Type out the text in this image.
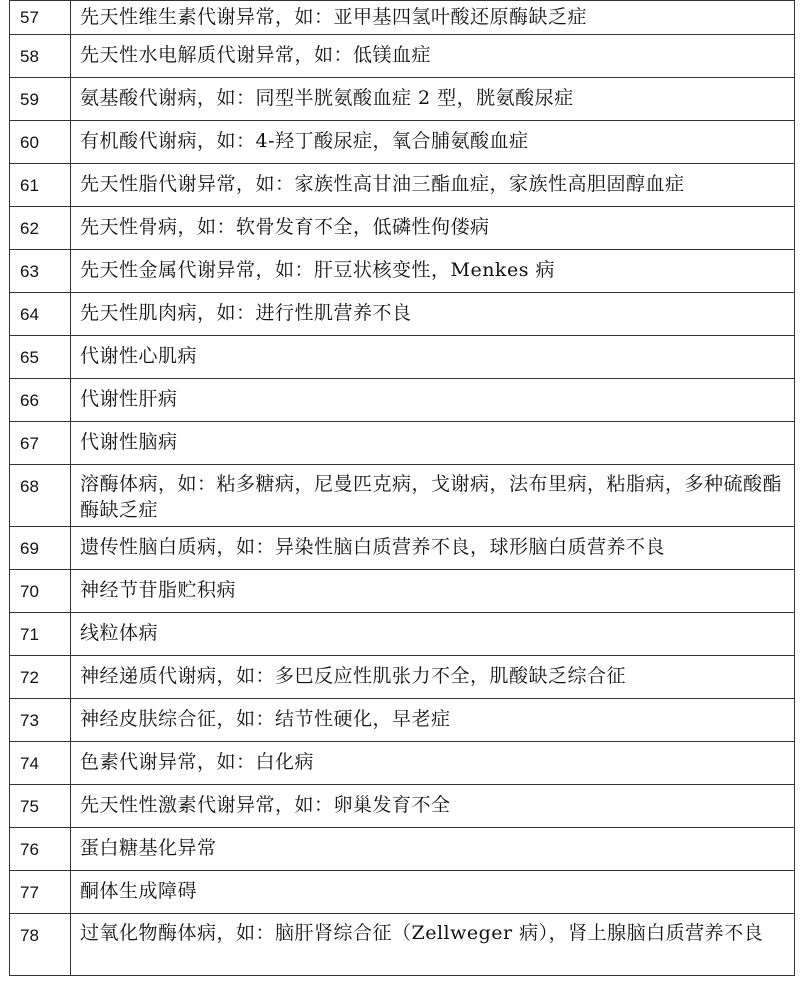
57	先天性维生素代谢异常，如：亚甲基四氢叶酸还原酶缺乏症
58	先天性水电解质代谢异常，如：低镁血症
59	氨基酸代谢病，如：同型半胱氨酸血症 2 型，胱氨酸尿症
60	有机酸代谢病，如：4-羟丁酸尿症，氧合脯氨酸血症
61	先天性脂代谢异常，如：家族性高甘油三酯血症，家族性高胆固醇血症
62	先天性骨病，如：软骨发育不全，低磷性佝偻病
63	先天性金属代谢异常，如：肝豆状核变性，Menkes 病
64	先天性肌肉病，如：进行性肌营养不良
65	代谢性心肌病
66	代谢性肝病
67	代谢性脑病
68	溶酶体病，如：粘多糖病，尼曼匹克病，戈谢病，法布里病，粘脂病，多种硫酸酯酶缺乏症
69	遗传性脑白质病，如：异染性脑白质营养不良，球形脑白质营养不良
70	神经节苷脂贮积病
71	线粒体病
72	神经递质代谢病，如：多巴反应性肌张力不全，肌酸缺乏综合征
73	神经皮肤综合征，如：结节性硬化，早老症
74	色素代谢异常，如：白化病
75	先天性性激素代谢异常，如：卵巢发育不全
76	蛋白糖基化异常
77	酮体生成障碍
78	过氧化物酶体病，如：脑肝肾综合征（Zellweger 病），肾上腺脑白质营养不良
